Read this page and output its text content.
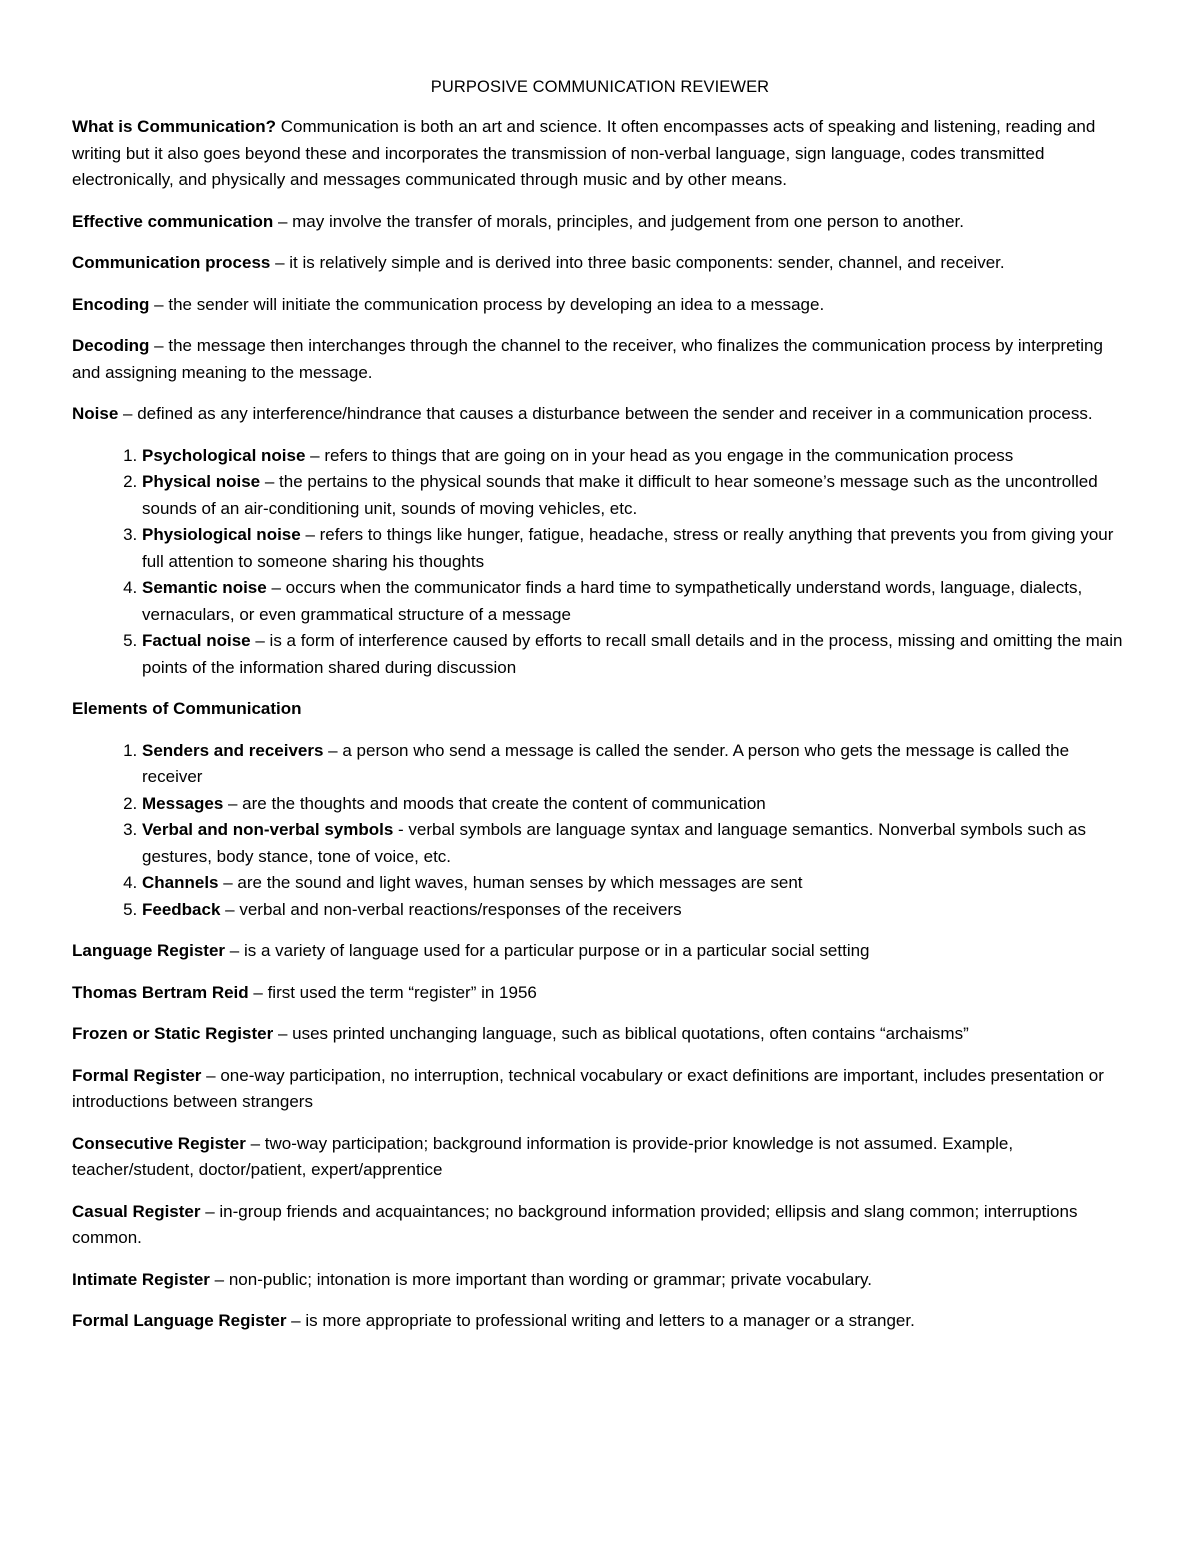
PURPOSIVE COMMUNICATION REVIEWER

What is Communication? Communication is both an art and science. It often encompasses acts of speaking and listening, reading and writing but it also goes beyond these and incorporates the transmission of non-verbal language, sign language, codes transmitted electronically, and physically and messages communicated through music and by other means.

Effective communication – may involve the transfer of morals, principles, and judgement from one person to another.

Communication process – it is relatively simple and is derived into three basic components: sender, channel, and receiver.

Encoding – the sender will initiate the communication process by developing an idea to a message.

Decoding – the message then interchanges through the channel to the receiver, who finalizes the communication process by interpreting and assigning meaning to the message.

Noise – defined as any interference/hindrance that causes a disturbance between the sender and receiver in a communication process.

1. Psychological noise – refers to things that are going on in your head as you engage in the communication process
2. Physical noise – the pertains to the physical sounds that make it difficult to hear someone’s message such as the uncontrolled sounds of an air-conditioning unit, sounds of moving vehicles, etc.
3. Physiological noise – refers to things like hunger, fatigue, headache, stress or really anything that prevents you from giving your full attention to someone sharing his thoughts
4. Semantic noise – occurs when the communicator finds a hard time to sympathetically understand words, language, dialects, vernaculars, or even grammatical structure of a message
5. Factual noise – is a form of interference caused by efforts to recall small details and in the process, missing and omitting the main points of the information shared during discussion
Elements of Communication
1. Senders and receivers – a person who send a message is called the sender. A person who gets the message is called the receiver
2. Messages – are the thoughts and moods that create the content of communication
3. Verbal and non-verbal symbols - verbal symbols are language syntax and language semantics. Nonverbal symbols such as gestures, body stance, tone of voice, etc.
4. Channels – are the sound and light waves, human senses by which messages are sent
5. Feedback – verbal and non-verbal reactions/responses of the receivers

Language Register – is a variety of language used for a particular purpose or in a particular social setting

Thomas Bertram Reid – first used the term “register” in 1956

Frozen or Static Register – uses printed unchanging language, such as biblical quotations, often contains “archaisms”

Formal Register – one-way participation, no interruption, technical vocabulary or exact definitions are important, includes presentation or introductions between strangers

Consecutive Register – two-way participation; background information is provide-prior knowledge is not assumed. Example, teacher/student, doctor/patient, expert/apprentice

Casual Register – in-group friends and acquaintances; no background information provided; ellipsis and slang common; interruptions common.

Intimate Register – non-public; intonation is more important than wording or grammar; private vocabulary.

Formal Language Register – is more appropriate to professional writing and letters to a manager or a stranger.
